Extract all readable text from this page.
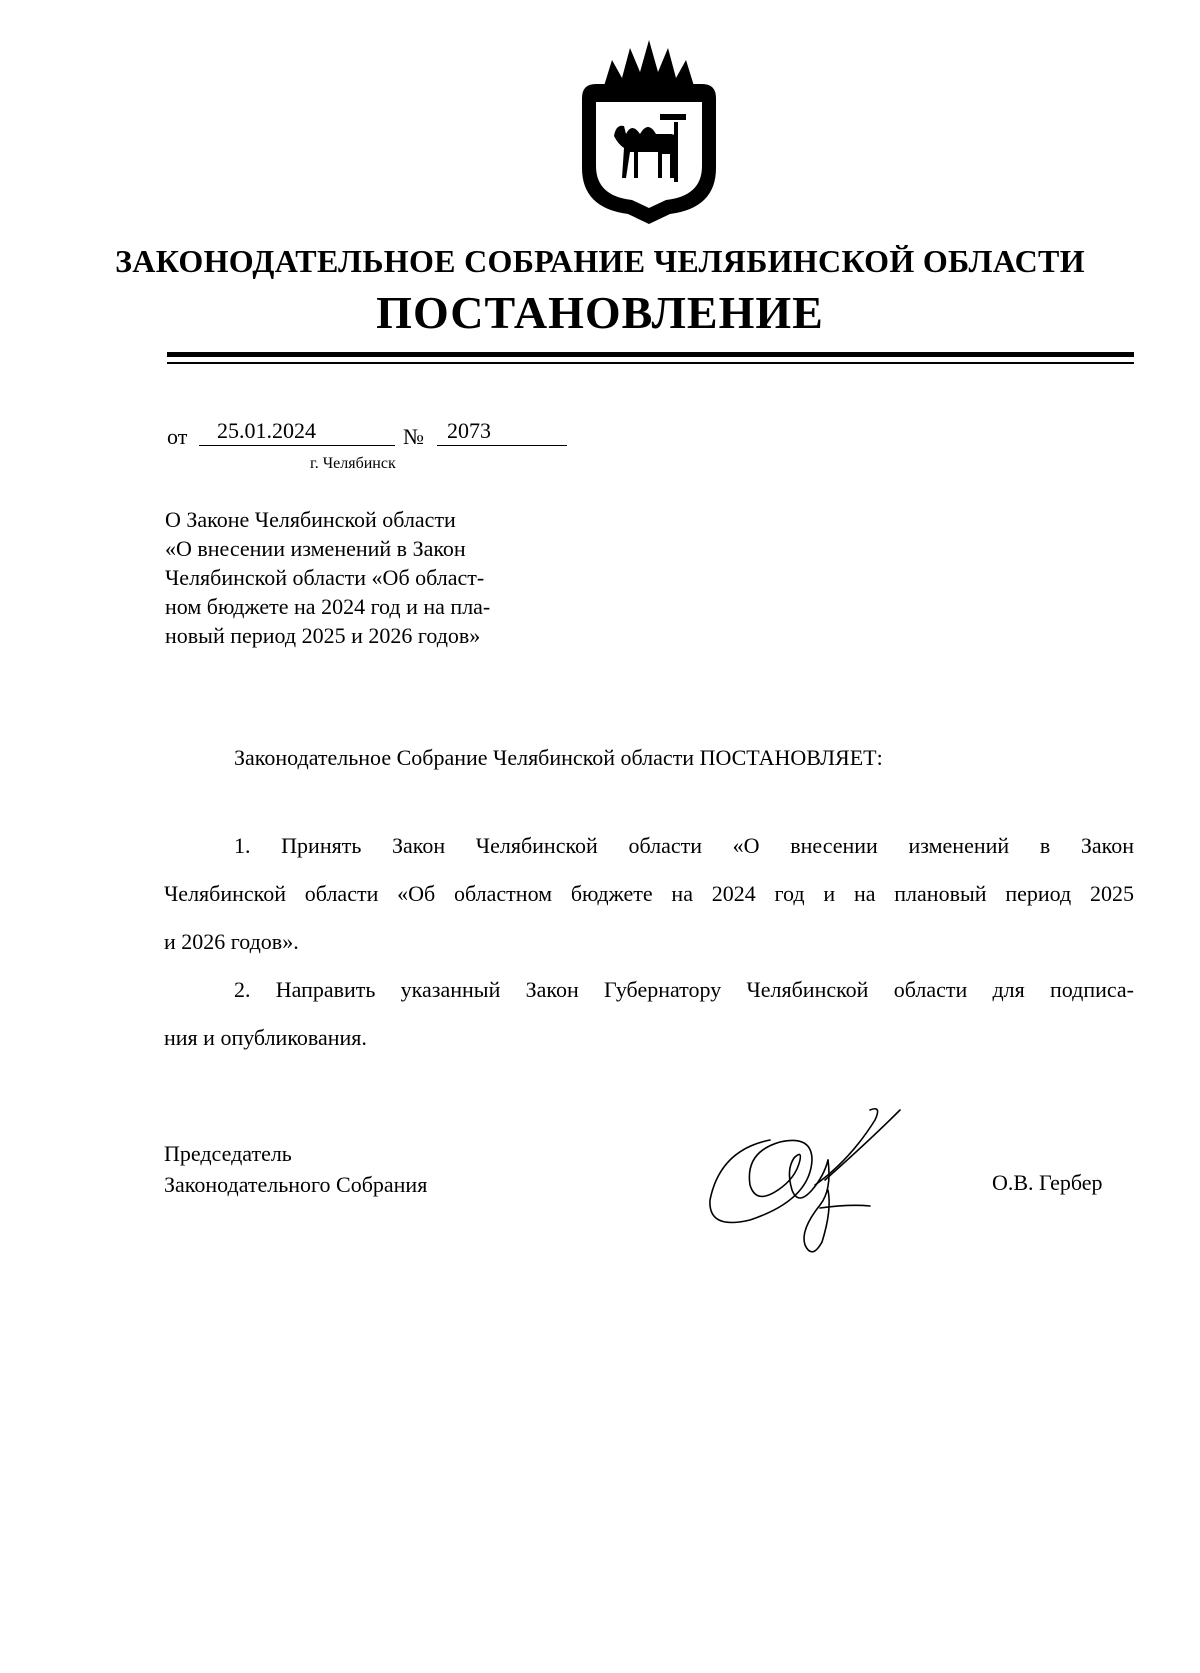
ЗАКОНОДАТЕЛЬНОЕ СОБРАНИЕ ЧЕЛЯБИНСКОЙ ОБЛАСТИ
ПОСТАНОВЛЕНИЕ
от	25.01.2024	№	2073
г. Челябинск
О Законе Челябинской области
«О внесении изменений в Закон
Челябинской области «Об област-
ном бюджете на 2024 год и на пла-
новый период 2025 и 2026 годов»
Законодательное Собрание Челябинской области ПОСТАНОВЛЯЕТ:
1. Принять Закон Челябинской области «О внесении изменений в Закон
Челябинской области «Об областном бюджете на 2024 год и на плановый период 2025
и 2026 годов».
2. Направить указанный Закон Губернатору Челябинской области для подписа-
ния и опубликования.
Председатель
Законодательного Собрания	О.В. Гербер
